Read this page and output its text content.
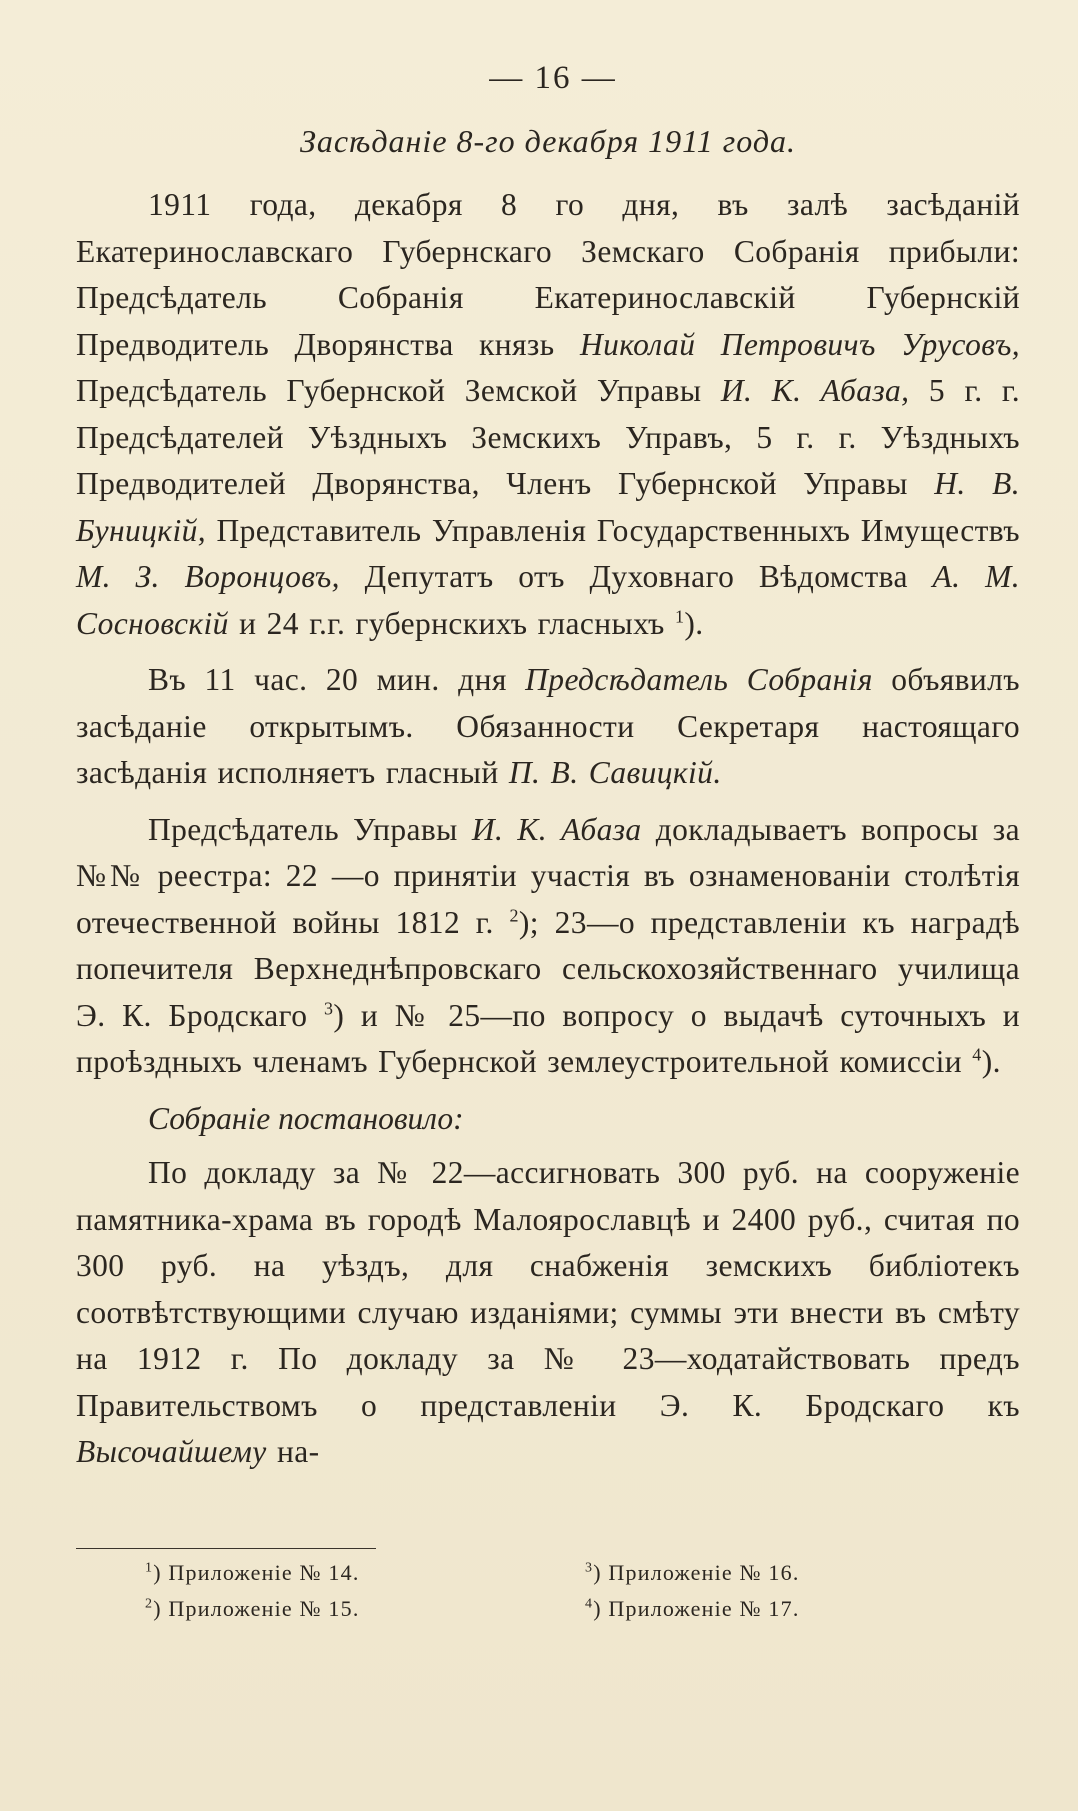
— 16 —
Засѣданіе 8-го декабря 1911 года.

1911 года, декабря 8 го дня, въ залѣ засѣданій Екатеринославскаго Губернскаго Земскаго Собранія прибыли: Предсѣдатель Собранія Екатеринославскій Губернскій Предводитель Дворянства князь Николай Петровичъ Урусовъ, Предсѣдатель Губернской Земской Управы И. К. Абаза, 5 г. г. Предсѣдателей Уѣздныхъ Земскихъ Управъ, 5 г. г. Уѣздныхъ Предводителей Дворянства, Членъ Губернской Управы Н. В. Буницкій, Представитель Управленія Государственныхъ Имуществъ М. З. Воронцовъ, Депутатъ отъ Духовнаго Вѣдомства А. М. Сосновскій и 24 г.г. губернскихъ гласныхъ $^1$).

Въ 11 час. 20 мин. дня Предсѣдатель Собранія объявилъ засѣданіе открытымъ. Обязанности Секретаря настоящаго засѣданія исполняетъ гласный П. В. Савицкій.

Предсѣдатель Управы И. К. Абаза докладываетъ вопросы за №№ реестра: 22 —о принятіи участія въ ознаменованіи столѣтія отечественной войны 1812 г. $^2$); 23—о представленіи къ наградѣ попечителя Верхнеднѣпровскаго сельскохозяйственнаго училища Э. К. Бродскаго $^3$) и № 25—по вопросу о выдачѣ суточныхъ и проѣздныхъ членамъ Губернской землеустроительной комиссіи $^4$).

Собраніе постановило:

По докладу за № 22—ассигновать 300 руб. на сооруженіе памятника-храма въ городѣ Малоярославцѣ и 2400 руб., считая по 300 руб. на уѣздъ, для снабженія земскихъ библіотекъ соотвѣтствующими случаю изданіями; суммы эти внести въ смѣту на 1912 г. По докладу за № 23—ходатайствовать предъ Правительствомъ о представленіи Э. К. Бродскаго къ Высочайшему на-

$^1$) Приложеніе № 14.	$^3$) Приложеніе № 16.
$^2$) Приложеніе № 15.	$^4$) Приложеніе № 17.
